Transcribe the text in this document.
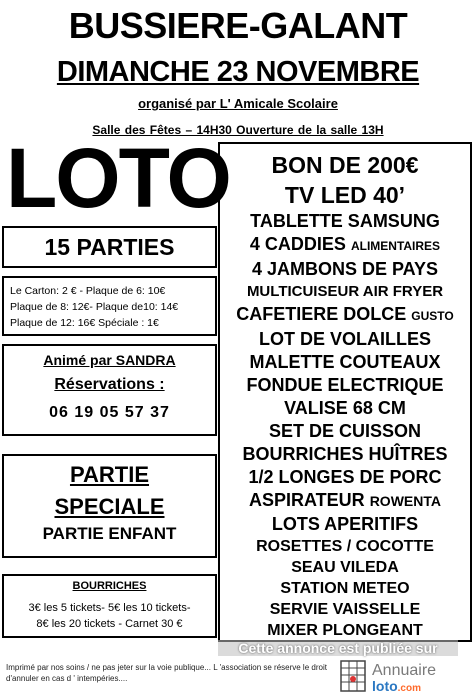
BUSSIERE-GALANT
DIMANCHE 23 NOVEMBRE
organisé par L' Amicale Scolaire
Salle des Fêtes – 14H30 Ouverture de la salle 13H
LOTO
15 PARTIES
Le Carton: 2 € - Plaque de 6: 10€
Plaque de 8: 12€- Plaque de10: 14€
Plaque de 12: 16€ Spéciale : 1€
Animé par SANDRA
Réservations :
06 19 05 57 37
PARTIE
SPECIALE
PARTIE ENFANT
BOURRICHES
3€ les 5 tickets- 5€ les 10 tickets-
8€ les 20 tickets - Carnet 30 €
BON DE 200€
TV LED 40’
TABLETTE SAMSUNG
4 CADDIES ALIMENTAIRES
4 JAMBONS DE PAYS
MULTICUISEUR AIR FRYER
CAFETIERE DOLCE GUSTO
LOT DE VOLAILLES
MALETTE COUTEAUX
FONDUE ELECTRIQUE
VALISE 68 CM
SET DE CUISSON
BOURRICHES HUÎTRES
1/2 LONGES DE PORC
ASPIRATEUR ROWENTA
LOTS APERITIFS
ROSETTES / COCOTTE
SEAU VILEDA
STATION METEO
SERVIE VAISSELLE
MIXER PLONGEANT
Cette annonce est publiée sur
Imprimé par nos soins / ne pas jeter sur la voie publique... L 'association se réserve le droit d'annuler en cas d ' intempéries....	Annuaire
loto.com
